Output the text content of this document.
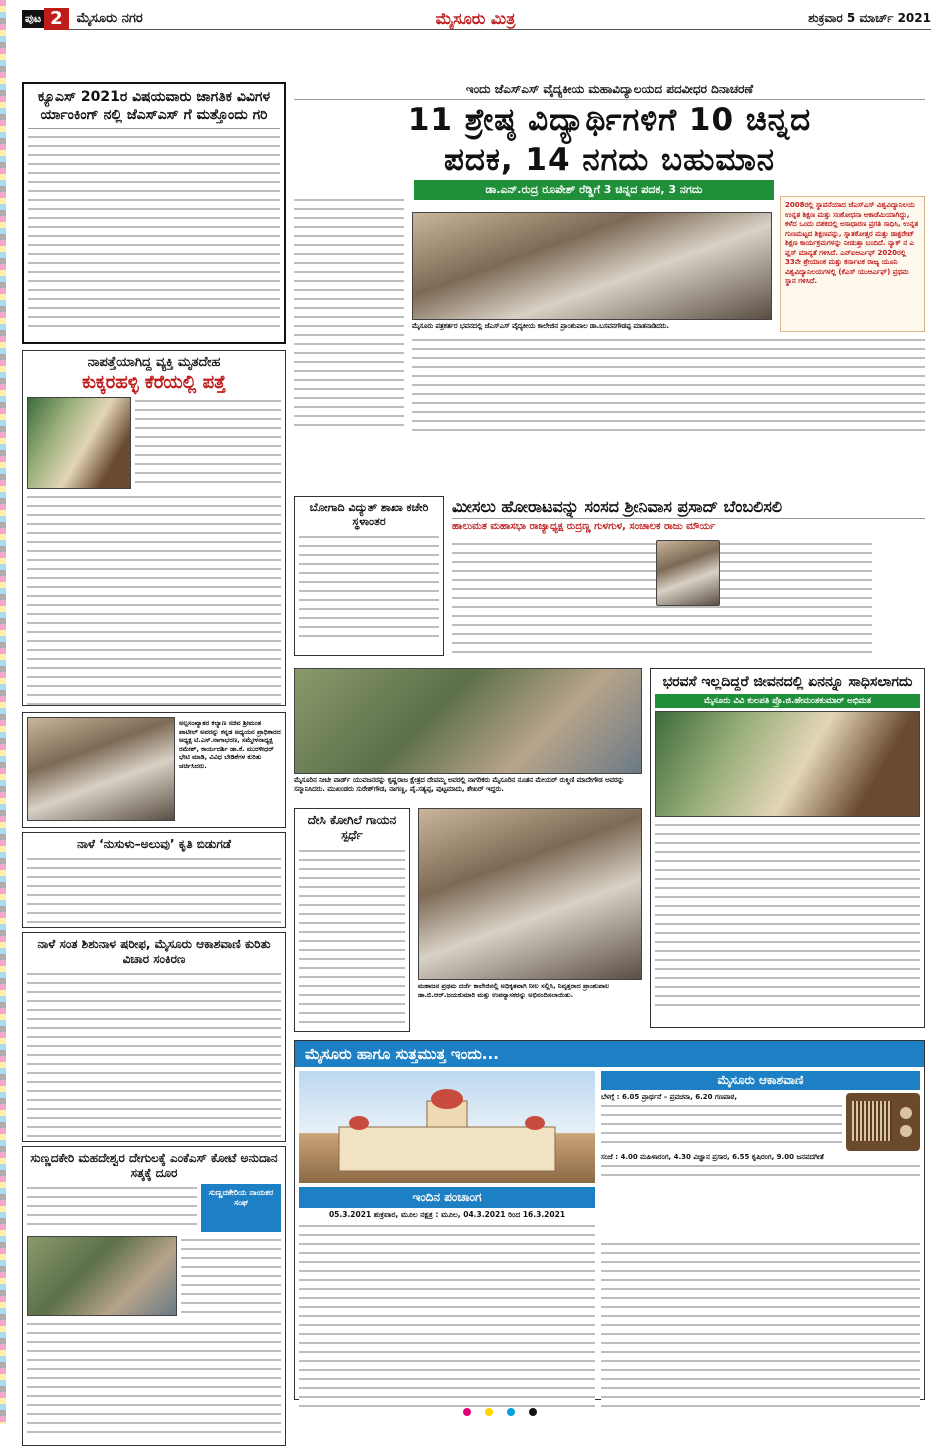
ಪುಟ 2	ಮೈಸೂರು ನಗರ	ಮೈಸೂರು ಮಿತ್ರ	ಶುಕ್ರವಾರ 5 ಮಾರ್ಚ್ 2021
ಕ್ಯೂಎಸ್ 2021ರ ವಿಷಯವಾರು ಜಾಗತಿಕ ವಿವಿಗಳ ರ್ಯಾಂಕಿಂಗ್ ನಲ್ಲಿ ಜೆಎಸ್ಎಸ್ ಗೆ ಮತ್ತೊಂದು ಗರಿ
ನಾಪತ್ತೆಯಾಗಿದ್ದ ವ್ಯಕ್ತಿ ಮೃತದೇಹ
ಕುಕ್ಕರಹಳ್ಳಿ ಕೆರೆಯಲ್ಲಿ ಪತ್ತೆ
ಅಲ್ಪಸಂಖ್ಯಾತರ ಕಲ್ಯಾಣ ಸಚಿವ ಶ್ರೀಮಂತ ಪಾಟೀಲ್ ಅವರನ್ನು ಕನ್ನಡ ಅಧ್ಯಯನ ಪ್ರಾಧಿಕಾರದ ಅಧ್ಯಕ್ಷ ಟಿ.ಎಸ್.ನಾಗಾಭರಣ, ಸಮ್ಮೇಳನಾಧ್ಯಕ್ಷ ರಮೇಶ್, ಕಾರ್ಯದರ್ಶಿ ಡಾ.ಕೆ. ಮುರಳೀಧರ್ ಭೇಟಿ ಮಾಡಿ, ವಿವಿಧ ಬೇಡಿಕೆಗಳ ಕುರಿತು ಚರ್ಚಿಸಿದರು.
ನಾಳೆ ‘ನುಸುಳು–ಅಲುವು’ ಕೃತಿ ಬಿಡುಗಡೆ
ನಾಳೆ ಸಂತ ಶಿಶುನಾಳ ಷರೀಫ, ಮೈಸೂರು ಆಕಾಶವಾಣಿ ಕುರಿತು ವಿಚಾರ ಸಂಕಿರಣ
ಸುಣ್ಣದಕೇರಿ ಮಹದೇಶ್ವರ ದೇಗುಲಕ್ಕೆ ಎಂಕೆಎಸ್ ಕೋಟೆ ಅನುದಾನ ಸತ್ಕಕ್ಕೆ ದೂರ
ಸುಣ್ಣದಕೇರಿಯ ನಾಯಕರ ಸಂಘ
ಇಂದು ಜೆಎಸ್ಎಸ್ ವೈದ್ಯಕೀಯ ಮಹಾವಿದ್ಯಾಲಯದ ಪದವೀಧರ ದಿನಾಚರಣೆ
11 ಶ್ರೇಷ್ಠ ವಿದ್ಯಾರ್ಥಿಗಳಿಗೆ 10 ಚಿನ್ನದ
ಪದಕ, 14 ನಗದು ಬಹುಮಾನ
ಡಾ.ಎನ್.ರುದ್ರ ರೂಪೇಶ್ ರೆಡ್ಡಿಗೆ 3 ಚಿನ್ನದ ಪದಕ, 3 ನಗದು
ಮೈಸೂರು ಪತ್ರಕರ್ತರ ಭವನದಲ್ಲಿ ಜೆಎಸ್ಎಸ್ ವೈದ್ಯಕೀಯ ಕಾಲೇಜಿನ ಪ್ರಾಂಶುಪಾಲ ಡಾ.ಬಸವನಗೌಡಪ್ಪ ಮಾತನಾಡಿದರು.
2008ರಲ್ಲಿ ಸ್ಥಾಪನೆಯಾದ ಜೆಎಸ್ಎಸ್ ವಿಶ್ವವಿದ್ಯಾನಿಲಯ ಉನ್ನತ ಶಿಕ್ಷಣ ಮತ್ತು ಸಂಶೋಧನಾ ಅಕಾಡೆಮಿಯಾಗಿದ್ದು, ಕಳೆದ ಒಂದು ದಶಕದಲ್ಲಿ ಅಸಾಧಾರಣ ಪ್ರಗತಿ ಸಾಧಿಸಿ, ಉನ್ನತ ಗುಣಮಟ್ಟದ ಶಿಕ್ಷಣವನ್ನು, ಸ್ನಾತಕೋತ್ತರ ಮತ್ತು ಡಾಕ್ಟರೇಟ್ ಶಿಕ್ಷಣ ಕಾರ್ಯಕ್ರಮಗಳನ್ನು ನೀಡುತ್ತಾ ಬಂದಿದೆ. ನ್ಯಾಕ್ ನ ಎ ಪ್ಲಸ್ ಮಾನ್ಯತೆ ಗಳಿಸಿದೆ. ಎನ್ಐಆರ್ಎಫ್ 2020ರಲ್ಲಿ 33ನೇ ಶ್ರೇಯಾಂಕ ಮತ್ತು ಕರ್ನಾಟಕ ರಾಜ್ಯ ಯೂನಿ ವಿಶ್ವವಿದ್ಯಾನಿಲಯಗಳಲ್ಲಿ (ಕೆಎಸ್ ಯುಆರ್ಎಫ್) ಪ್ರಥಮ ಸ್ಥಾನ ಗಳಿಸಿದೆ.
ಬೋಗಾದಿ ವಿದ್ಯುತ್ ಶಾಖಾ ಕಚೇರಿ ಸ್ಥಳಾಂತರ
ಮೀಸಲು ಹೋರಾಟವನ್ನು ಸಂಸದ ಶ್ರೀನಿವಾಸ ಪ್ರಸಾದ್ ಬೆಂಬಲಿಸಲಿ
ಹಾಲುಮತ ಮಹಾಸಭಾ ರಾಜ್ಯಾಧ್ಯಕ್ಷ ರುದ್ರಣ್ಣ ಗುಳಗುಳ, ಸಂಚಾಲಕ ರಾಜು ಮೌರ್ಯ
ಮೈಸೂರಿನ ನೀಟೀ ವಾರ್ಡ್ ಯುವಜನರನ್ನು ಕೃಷ್ಣರಾಜ ಕ್ಷೇತ್ರದ ದೇವಮ್ಮ ಅವರಲ್ಲಿ ನಾಗರಿಕರು ಮೈಸೂರಿನ ನೂತನ ಮೇಯರ್ ರುಕ್ಮಿಣಿ ಮಾದೇಗೌಡ ಅವರನ್ನು ಸನ್ಮಾನಿಸಿದರು. ಮುಖಂಡರು ಸುರೇಶ್‌ಗೌಡ, ನಾಗಣ್ಣ, ಪೈ.ಸತ್ಯಪ್ಪ, ಪುಟ್ಟಮಾದು, ಶೇಖರ್ ಇದ್ದರು.
ಭರವಸೆ ಇಲ್ಲದಿದ್ದರೆ ಜೀವನದಲ್ಲಿ ಏನನ್ನೂ ಸಾಧಿಸಲಾಗದು
ಮೈಸೂರು ವಿವಿ ಕುಲಪತಿ ಪ್ರೊ.ಜಿ.ಹೇಮಂತಕುಮಾರ್ ಅಭಿಮತ
ದೇಸಿ ಕೋಗಿಲೆ ಗಾಯನ ಸ್ಪರ್ಧೆ
ಮಹಾಜನ ಪ್ರಥಮ ದರ್ಜೆ ಕಾಲೇಜಿನಲ್ಲಿ ಅಧಿಕೃತವಾಗಿ ನೀಲ ಸಲ್ಲಿಸಿ, ನಿವೃತ್ತರಾದ ಪ್ರಾಂಶುಪಾಲ ಡಾ.ಬಿ.ಆರ್.ಜಯಕುಮಾರಿ ಮತ್ತು ಉಪನ್ಯಾಸಕರನ್ನು ಅಭಿನಂದಿಸಲಾಯಿತು.
ಮೈಸೂರು ಹಾಗೂ ಸುತ್ತಮುತ್ತ ಇಂದು...
ಇಂದಿನ ಪಂಚಾಂಗ
05.3.2021 ಶುಕ್ರವಾರ, ಮೂಲ ನಕ್ಷತ್ರ : ಮೂಲ, 04.3.2021 ರಿಂದ 16.3.2021
ಮೈಸೂರು ಆಕಾಶವಾಣಿ
ಬೆಳಗ್ಗೆ : 6.05 ಪ್ರಾರ್ಥನೆ – ಪ್ರವಚನಾ, 6.20 ಗಣಪಾಠ,
ಸಂಜೆ : 4.00 ಮಹಿಳಾರಂಗ, 4.30 ವಿಜ್ಞಾನ ಪ್ರಸಾರ, 6.55 ಕೃಷಿರಂಗ, 9.00 ಜನಪದಗೀತೆ
